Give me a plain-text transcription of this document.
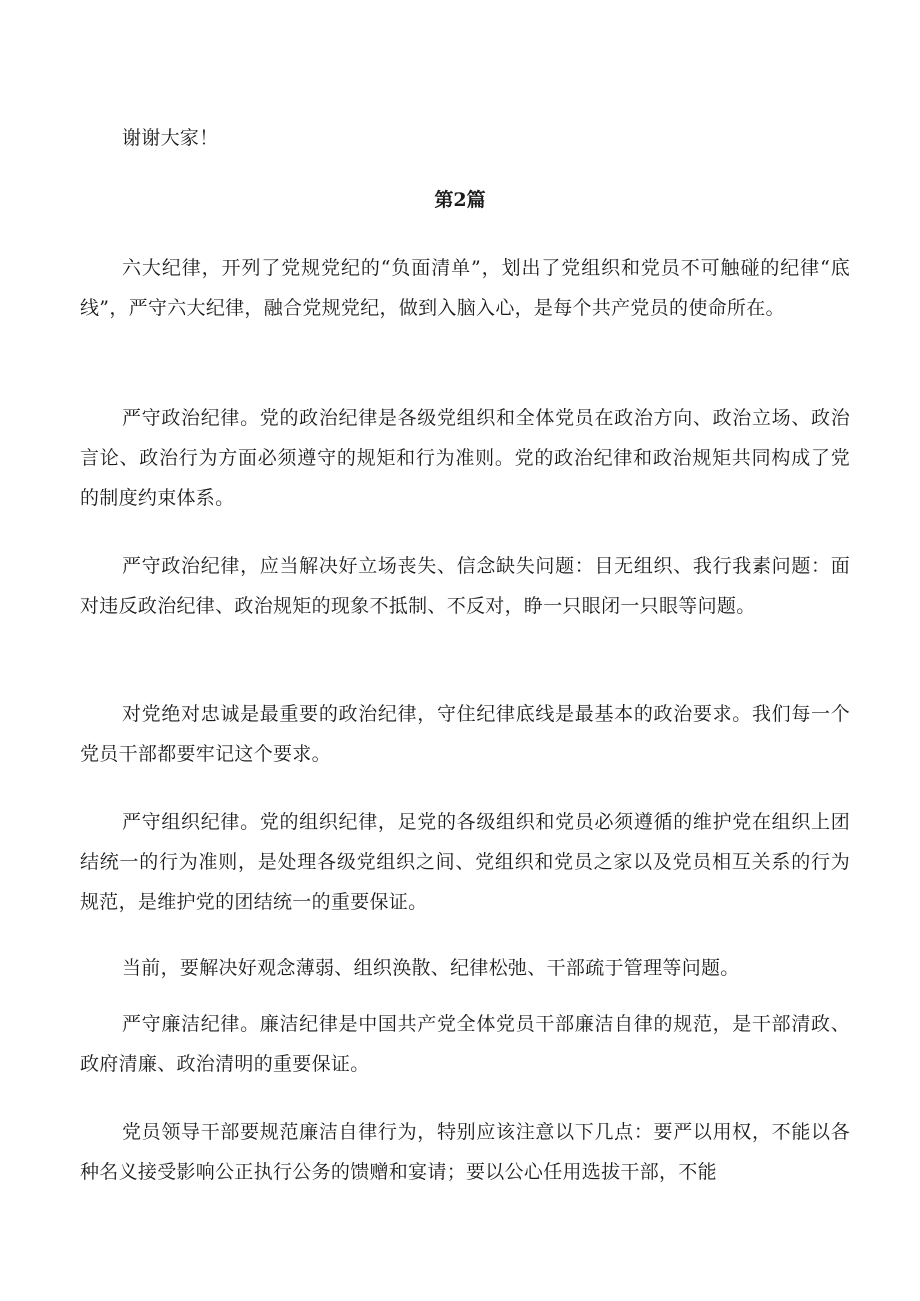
谢谢大家！

第2篇

六大纪律，开列了党规党纪的“负面清单”，划出了党组织和党员不可触碰的纪律“底线”，严守六大纪律，融合党规党纪，做到入脑入心，是每个共产党员的使命所在。

严守政治纪律。党的政治纪律是各级党组织和全体党员在政治方向、政治立场、政治言论、政治行为方面必须遵守的规矩和行为准则。党的政治纪律和政治规矩共同构成了党的制度约束体系。

严守政治纪律，应当解决好立场丧失、信念缺失问题：目无组织、我行我素问题：面对违反政治纪律、政治规矩的现象不抵制、不反对，睁一只眼闭一只眼等问题。

对党绝对忠诚是最重要的政治纪律，守住纪律底线是最基本的政治要求。我们每一个党员干部都要牢记这个要求。

严守组织纪律。党的组织纪律，足党的各级组织和党员必须遵循的维护党在组织上团结统一的行为准则，是处理各级党组织之间、党组织和党员之家以及党员相互关系的行为规范，是维护党的团结统一的重要保证。

当前，要解决好观念薄弱、组织涣散、纪律松弛、干部疏于管理等问题。

严守廉洁纪律。廉洁纪律是中国共产党全体党员干部廉洁自律的规范，是干部清政、政府清廉、政治清明的重要保证。

党员领导干部要规范廉洁自律行为，特别应该注意以下几点：要严以用权，不能以各种名义接受影响公正执行公务的馈赠和宴请；要以公心任用选拔干部，不能
